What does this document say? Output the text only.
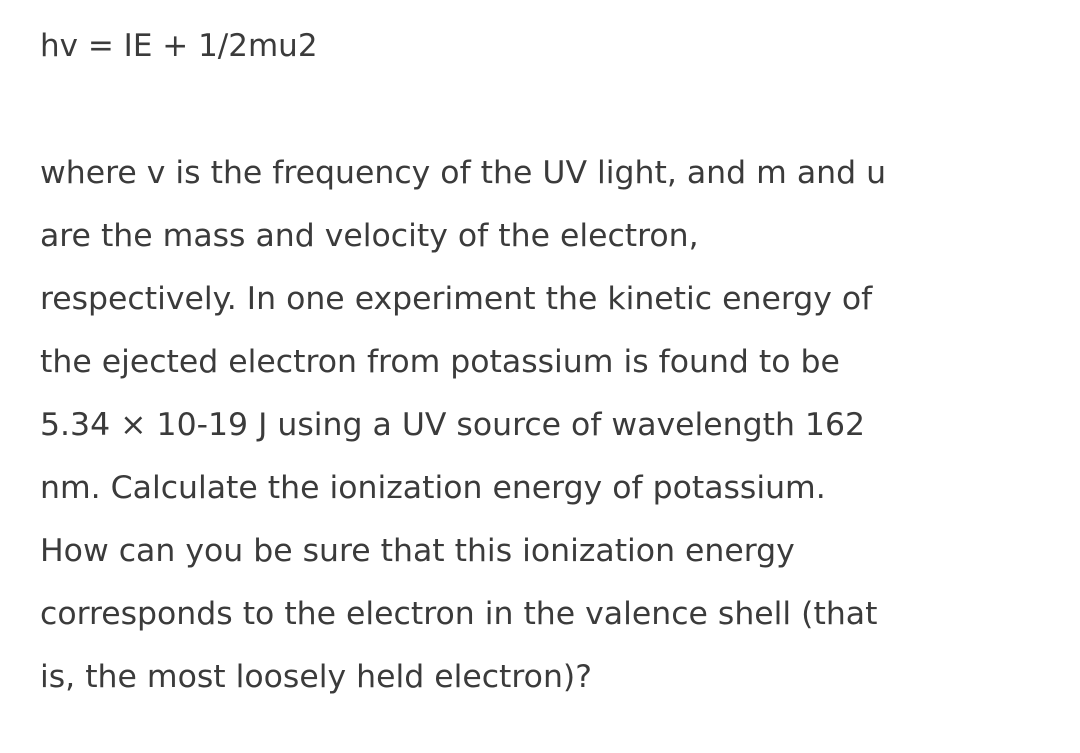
hv = IE + 1/2mu2
where v is the frequency of the UV light, and m and u
are the mass and velocity of the electron,
respectively. In one experiment the kinetic energy of
the ejected electron from potassium is found to be
5.34 × 10-19 J using a UV source of wavelength 162
nm. Calculate the ionization energy of potassium.
How can you be sure that this ionization energy
corresponds to the electron in the valence shell (that
is, the most loosely held electron)?
